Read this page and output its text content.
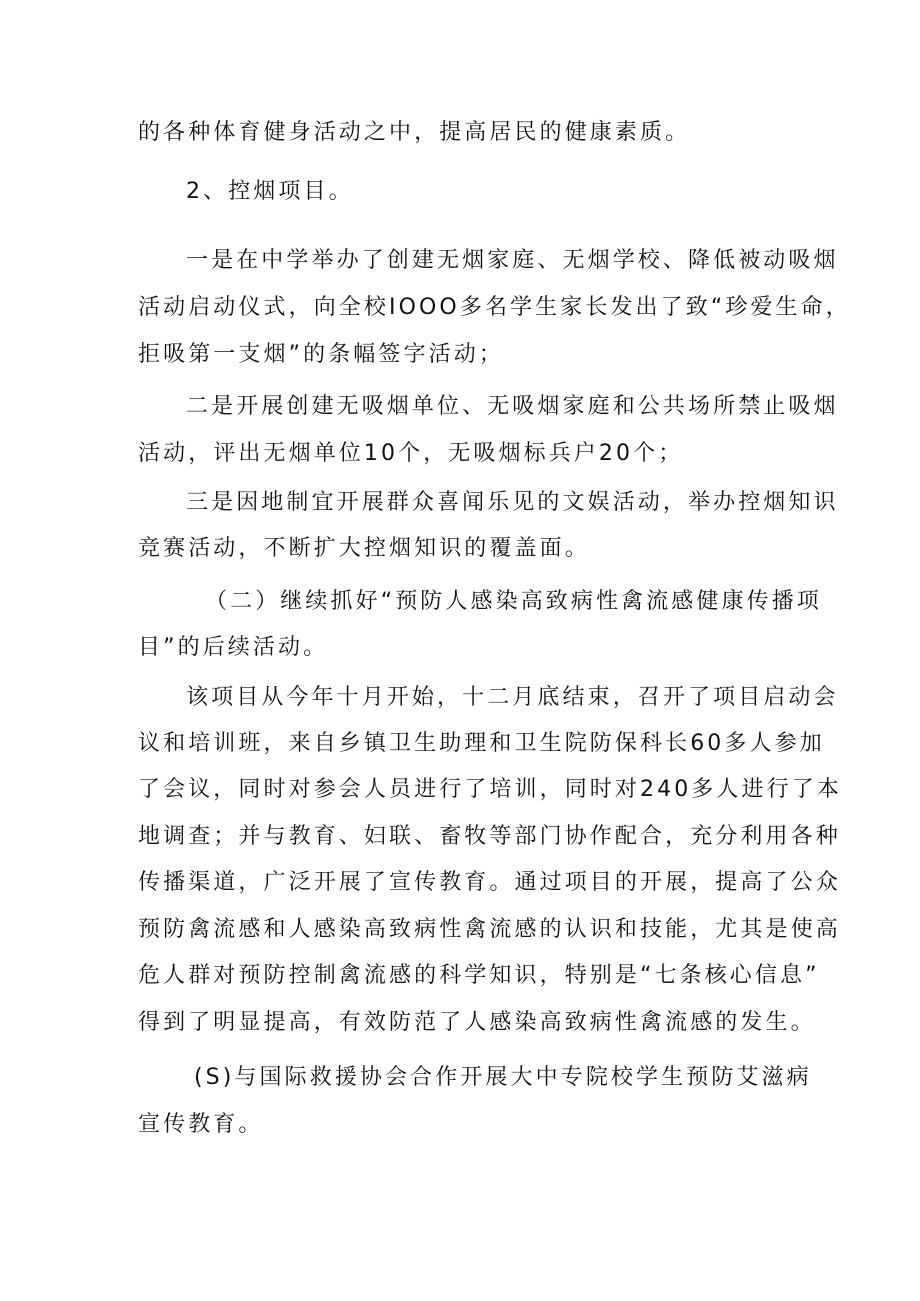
的各种体育健身活动之中，提高居民的健康素质。
2、控烟项目。
一是在中学举办了创建无烟家庭、无烟学校、降低被动吸烟
活动启动仪式，向全校IOOO多名学生家长发出了致“珍爱生命，
拒吸第一支烟”的条幅签字活动；
二是开展创建无吸烟单位、无吸烟家庭和公共场所禁止吸烟
活动，评出无烟单位10个，无吸烟标兵户20个；
三是因地制宜开展群众喜闻乐见的文娱活动，举办控烟知识
竞赛活动，不断扩大控烟知识的覆盖面。
（二）继续抓好“预防人感染高致病性禽流感健康传播项
目”的后续活动。
该项目从今年十月开始，十二月底结束，召开了项目启动会
议和培训班，来自乡镇卫生助理和卫生院防保科长60多人参加
了会议，同时对参会人员进行了培训，同时对240多人进行了本
地调查；并与教育、妇联、畜牧等部门协作配合，充分利用各种
传播渠道，广泛开展了宣传教育。通过项目的开展，提高了公众
预防禽流感和人感染高致病性禽流感的认识和技能，尤其是使高
危人群对预防控制禽流感的科学知识，特别是“七条核心信息”
得到了明显提高，有效防范了人感染高致病性禽流感的发生。
(S)与国际救援协会合作开展大中专院校学生预防艾滋病
宣传教育。
